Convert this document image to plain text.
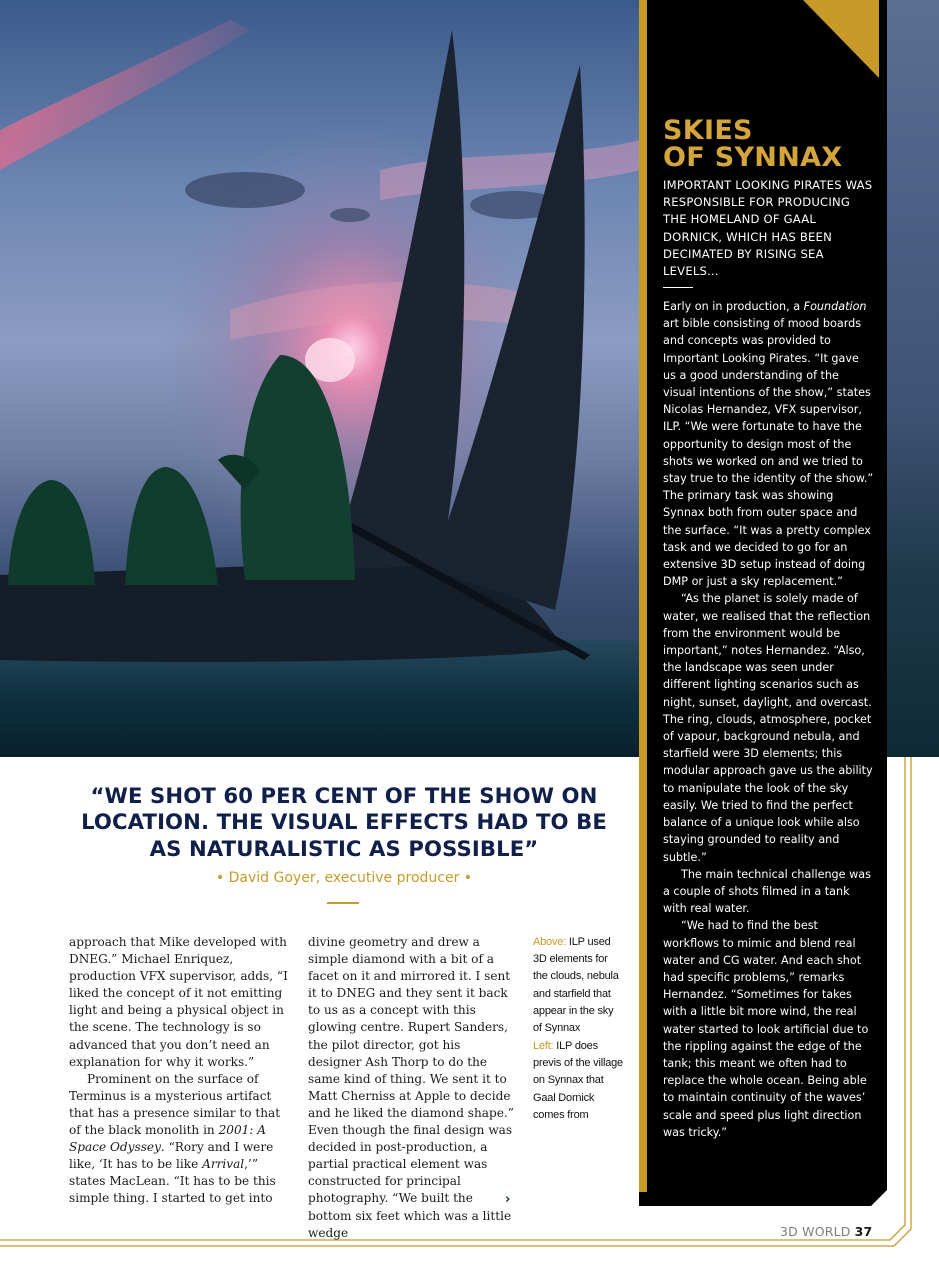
SKIES
OF SYNNAX
IMPORTANT LOOKING PIRATES WAS RESPONSIBLE FOR PRODUCING THE HOMELAND OF GAAL DORNICK, WHICH HAS BEEN DECIMATED BY RISING SEA LEVELS…

Early on in production, a Foundation art bible consisting of mood boards and concepts was provided to Important Looking Pirates. “It gave us a good understanding of the visual intentions of the show,” states Nicolas Hernandez, VFX supervisor, ILP. “We were fortunate to have the opportunity to design most of the shots we worked on and we tried to stay true to the identity of the show.” The primary task was showing Synnax both from outer space and the surface. “It was a pretty complex task and we decided to go for an extensive 3D setup instead of doing DMP or just a sky replacement.”

“As the planet is solely made of water, we realised that the reflection from the environment would be important,” notes Hernandez. “Also, the landscape was seen under different lighting scenarios such as night, sunset, daylight, and overcast. The ring, clouds, atmosphere, pocket of vapour, background nebula, and starfield were 3D elements; this modular approach gave us the ability to manipulate the look of the sky easily. We tried to find the perfect balance of a unique look while also staying grounded to reality and subtle.”

The main technical challenge was a couple of shots filmed in a tank with real water.

“We had to find the best workflows to mimic and blend real water and CG water. And each shot had specific problems,” remarks Hernandez. “Sometimes for takes with a little bit more wind, the real water started to look artificial due to the rippling against the edge of the tank; this meant we often had to replace the whole ocean. Being able to maintain continuity of the waves’ scale and speed plus light direction was tricky.”

“WE SHOT 60 PER CENT OF THE SHOW ON LOCATION. THE VISUAL EFFECTS HAD TO BE AS NATURALISTIC AS POSSIBLE”
• David Goyer, executive producer •

approach that Mike developed with DNEG.” Michael Enriquez, production VFX supervisor, adds, “I liked the concept of it not emitting light and being a physical object in the scene. The technology is so advanced that you don’t need an explanation for why it works.”

Prominent on the surface of Terminus is a mysterious artifact that has a presence similar to that of the black monolith in 2001: A Space Odyssey. “Rory and I were like, ‘It has to be like Arrival,’” states MacLean. “It has to be this simple thing. I started to get into

divine geometry and drew a simple diamond with a bit of a facet on it and mirrored it. I sent it to DNEG and they sent it back to us as a concept with this glowing centre. Rupert Sanders, the pilot director, got his designer Ash Thorp to do the same kind of thing. We sent it to Matt Cherniss at Apple to decide and he liked the diamond shape.” Even though the final design was decided in post-production, a partial practical element was constructed for principal photography. “We built the bottom six feet which was a little wedge

›
Above: ILP used 3D elements for the clouds, nebula and starfield that appear in the sky of Synnax
Left: ILP does previs of the village on Synnax that Gaal Dornick comes from
3D WORLD 37
